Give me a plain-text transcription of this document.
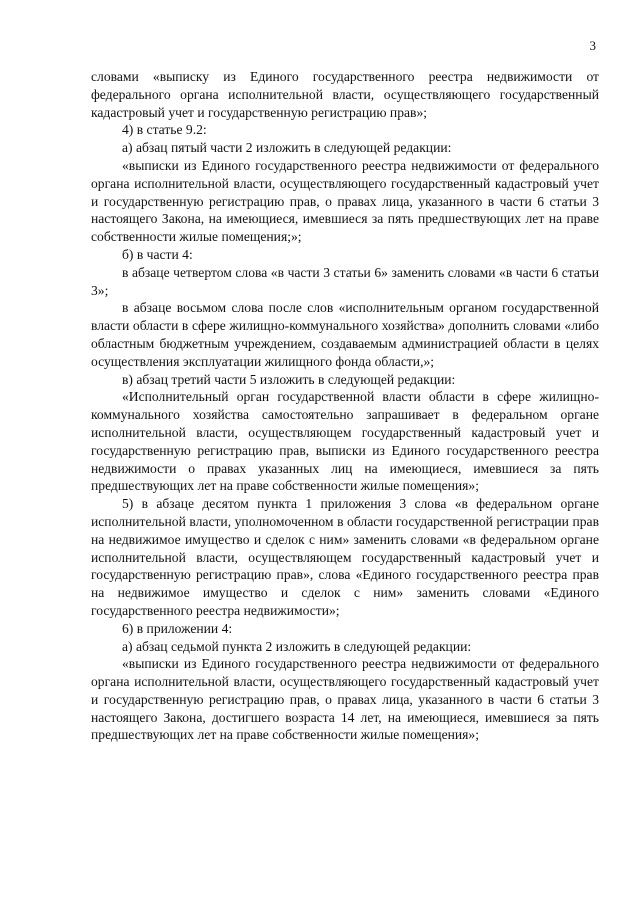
3

словами «выписку из Единого государственного реестра недвижимости от федерального органа исполнительной власти, осуществляющего государственный кадастровый учет и государственную регистрацию прав»;

4) в статье 9.2:

а) абзац пятый части 2 изложить в следующей редакции:

«выписки из Единого государственного реестра недвижимости от федерального органа исполнительной власти, осуществляющего государственный кадастровый учет и государственную регистрацию прав, о правах лица, указанного в части 6 статьи 3 настоящего Закона, на имеющиеся, имевшиеся за пять предшествующих лет на праве собственности жилые помещения;»;

б) в части 4:

в абзаце четвертом слова «в части 3 статьи 6» заменить словами «в части 6 статьи 3»;

в абзаце восьмом слова после слов «исполнительным органом государственной власти области в сфере жилищно-коммунального хозяйства» дополнить словами «либо областным бюджетным учреждением, создаваемым администрацией области в целях осуществления эксплуатации жилищного фонда области,»;

в) абзац третий части 5 изложить в следующей редакции:

«Исполнительный орган государственной власти области в сфере жилищно-коммунального хозяйства самостоятельно запрашивает в федеральном органе исполнительной власти, осуществляющем государственный кадастровый учет и государственную регистрацию прав, выписки из Единого государственного реестра недвижимости о правах указанных лиц на имеющиеся, имевшиеся за пять предшествующих лет на праве собственности жилые помещения»;

5) в абзаце десятом пункта 1 приложения 3 слова «в федеральном органе исполнительной власти, уполномоченном в области государственной регистрации прав на недвижимое имущество и сделок с ним» заменить словами «в федеральном органе исполнительной власти, осуществляющем государственный кадастровый учет и государственную регистрацию прав», слова «Единого государственного реестра прав на недвижимое имущество и сделок с ним» заменить словами «Единого государственного реестра недвижимости»;

6) в приложении 4:

а) абзац седьмой пункта 2 изложить в следующей редакции:

«выписки из Единого государственного реестра недвижимости от федерального органа исполнительной власти, осуществляющего государственный кадастровый учет и государственную регистрацию прав, о правах лица, указанного в части 6 статьи 3 настоящего Закона, достигшего возраста 14 лет, на имеющиеся, имевшиеся за пять предшествующих лет на праве собственности жилые помещения»;
